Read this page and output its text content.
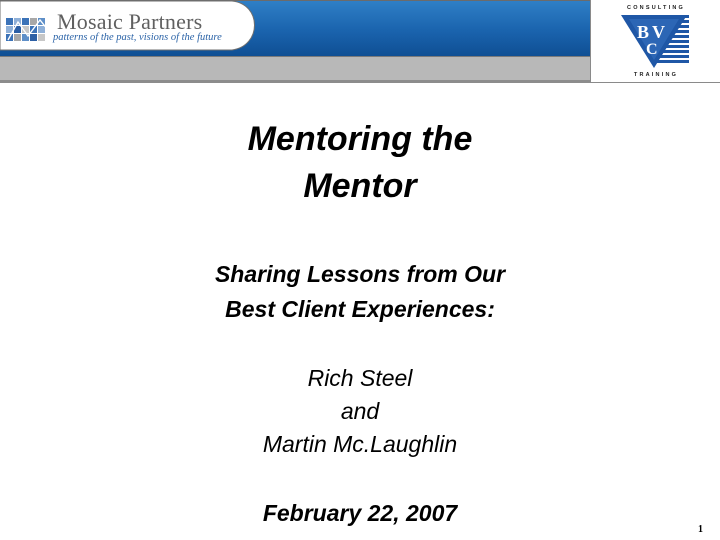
Mosaic Partners
patterns of the past, visions of the future
CONSULTING
B V
C
TRAINING
Mentoring the
Mentor
Sharing Lessons from Our
Best Client Experiences:
Rich Steel
and
Martin Mc.Laughlin
February 22, 2007
1
